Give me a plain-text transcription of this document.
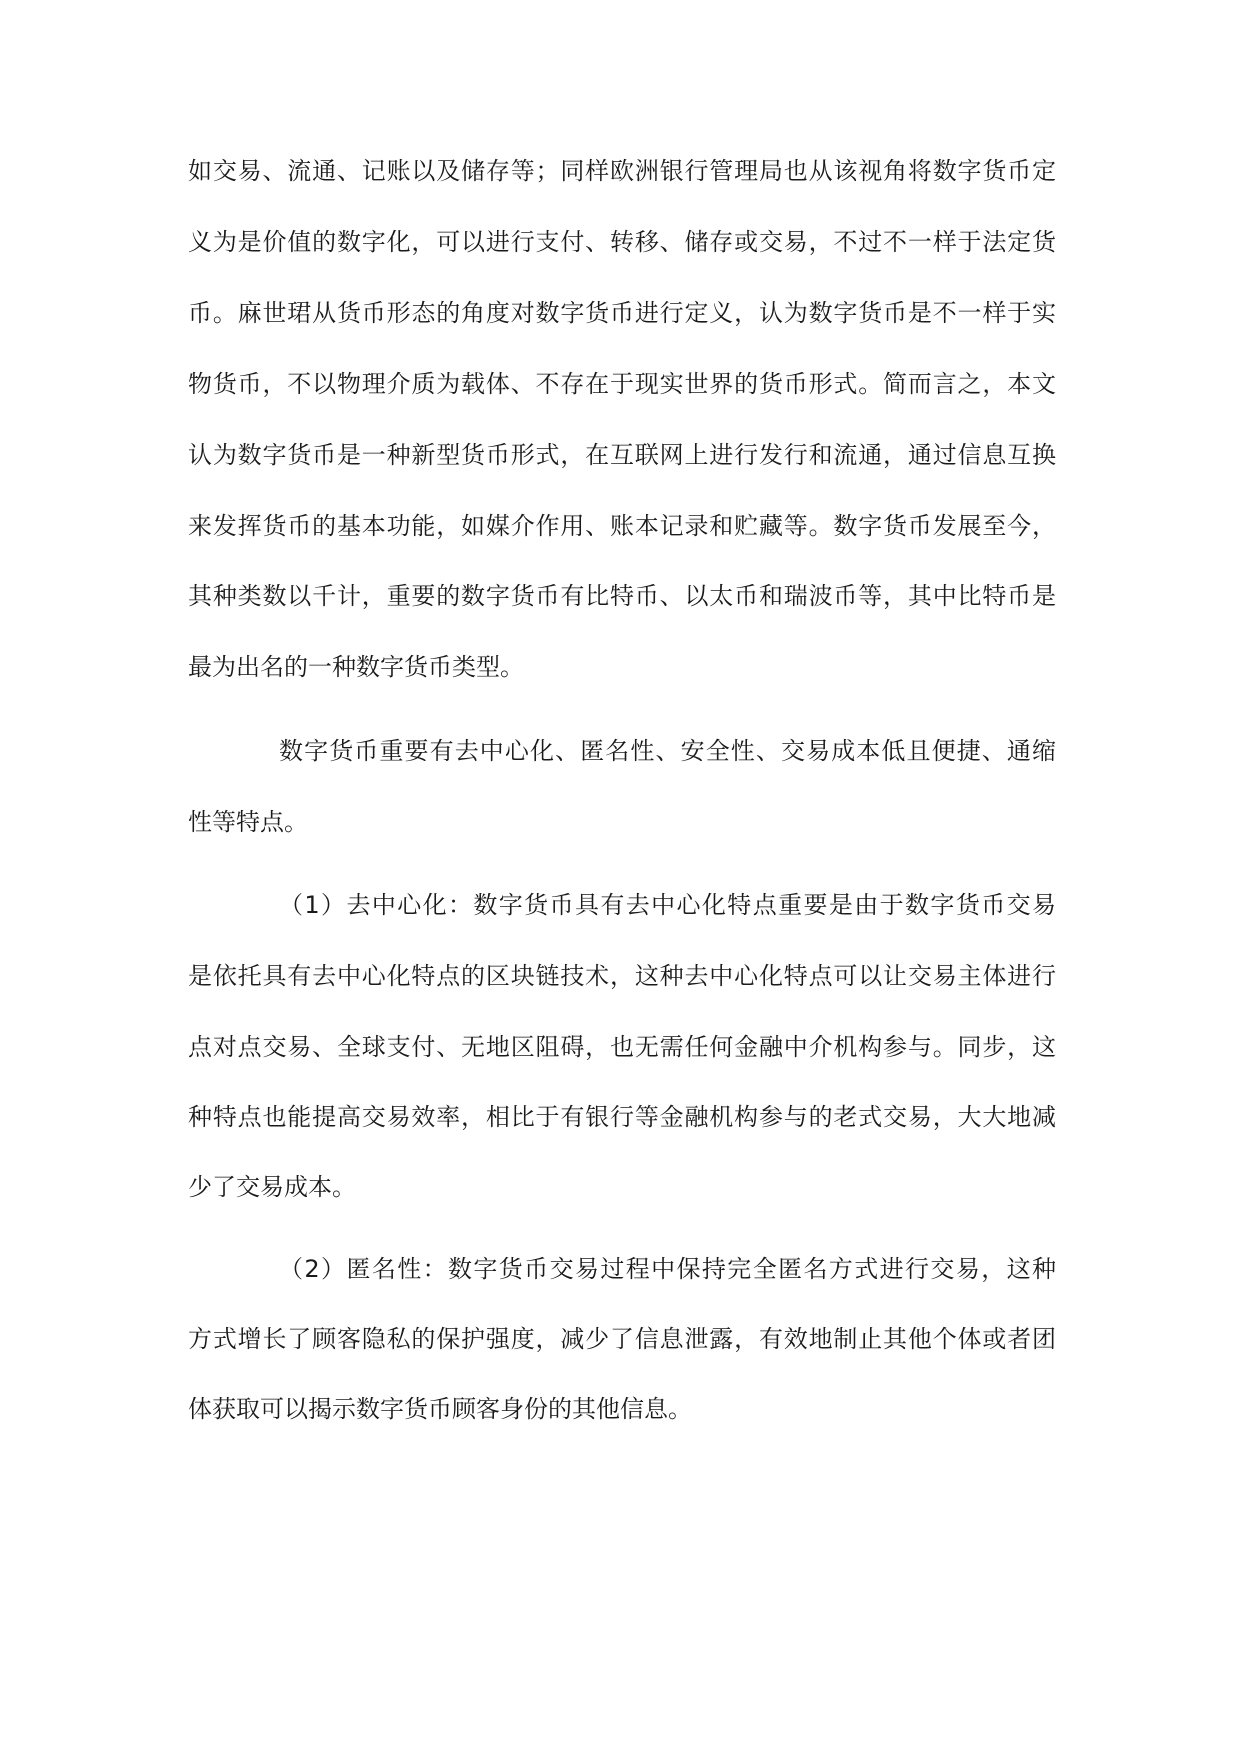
如交易、流通、记账以及储存等；同样欧洲银行管理局也从该视角将数字货币定
义为是价值的数字化，可以进行支付、转移、储存或交易，不过不一样于法定货
币。麻世珺从货币形态的角度对数字货币进行定义，认为数字货币是不一样于实
物货币，不以物理介质为载体、不存在于现实世界的货币形式。简而言之，本文
认为数字货币是一种新型货币形式，在互联网上进行发行和流通，通过信息互换
来发挥货币的基本功能，如媒介作用、账本记录和贮藏等。数字货币发展至今，
其种类数以千计，重要的数字货币有比特币、以太币和瑞波币等，其中比特币是
最为出名的一种数字货币类型。
数字货币重要有去中心化、匿名性、安全性、交易成本低且便捷、通缩
性等特点。
（1）去中心化：数字货币具有去中心化特点重要是由于数字货币交易
是依托具有去中心化特点的区块链技术，这种去中心化特点可以让交易主体进行
点对点交易、全球支付、无地区阻碍，也无需任何金融中介机构参与。同步，这
种特点也能提高交易效率，相比于有银行等金融机构参与的老式交易，大大地减
少了交易成本。
（2）匿名性：数字货币交易过程中保持完全匿名方式进行交易，这种
方式增长了顾客隐私的保护强度，减少了信息泄露，有效地制止其他个体或者团
体获取可以揭示数字货币顾客身份的其他信息。
